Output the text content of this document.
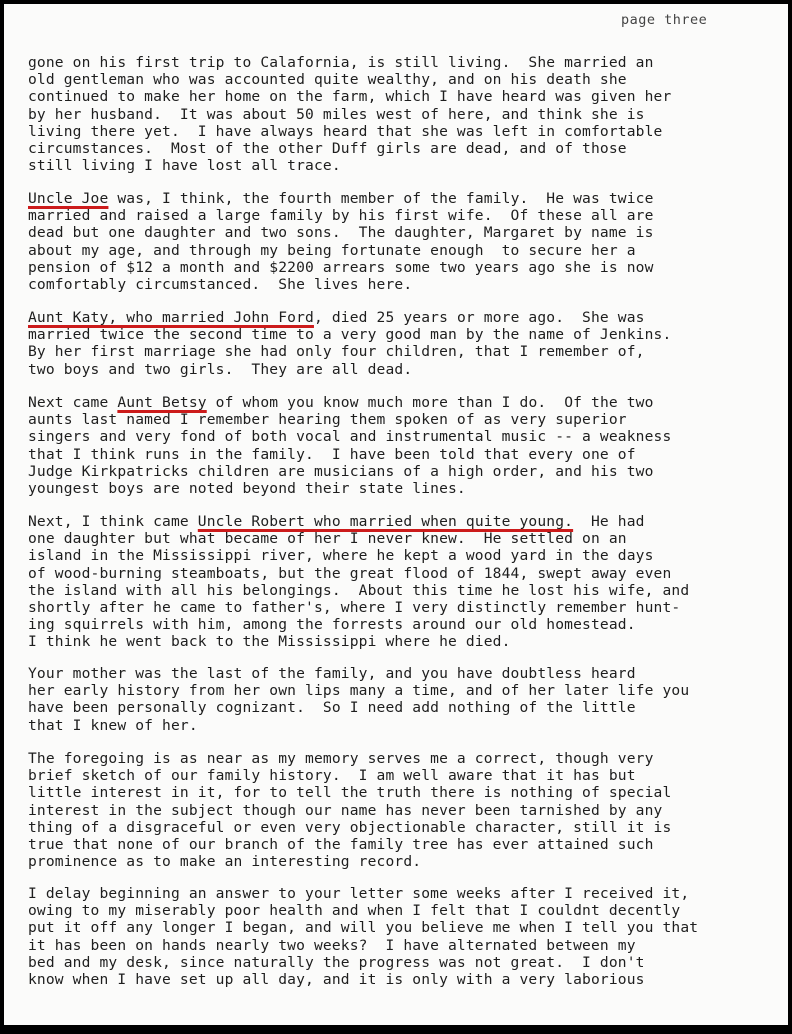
page three
gone on his first trip to Calafornia, is still living.  She married an
old gentleman who was accounted quite wealthy, and on his death she
continued to make her home on the farm, which I have heard was given her
by her husband.  It was about 50 miles west of here, and think she is
living there yet.  I have always heard that she was left in comfortable
circumstances.  Most of the other Duff girls are dead, and of those
still living I have lost all trace.
Uncle Joe was, I think, the fourth member of the family.  He was twice
married and raised a large family by his first wife.  Of these all are
dead but one daughter and two sons.  The daughter, Margaret by name is
about my age, and through my being fortunate enough  to secure her a
pension of $12 a month and $2200 arrears some two years ago she is now
comfortably circumstanced.  She lives here.
Aunt Katy, who married John Ford, died 25 years or more ago.  She was
married twice the second time to a very good man by the name of Jenkins.
By her first marriage she had only four children, that I remember of,
two boys and two girls.  They are all dead.
Next came Aunt Betsy of whom you know much more than I do.  Of the two
aunts last named I remember hearing them spoken of as very superior
singers and very fond of both vocal and instrumental music -- a weakness
that I think runs in the family.  I have been told that every one of
Judge Kirkpatricks children are musicians of a high order, and his two
youngest boys are noted beyond their state lines.
Next, I think came Uncle Robert who married when quite young.  He had
one daughter but what became of her I never knew.  He settled on an
island in the Mississippi river, where he kept a wood yard in the days
of wood-burning steamboats, but the great flood of 1844, swept away even
the island with all his belongings.  About this time he lost his wife, and
shortly after he came to father's, where I very distinctly remember hunt-
ing squirrels with him, among the forrests around our old homestead.
I think he went back to the Mississippi where he died.
Your mother was the last of the family, and you have doubtless heard
her early history from her own lips many a time, and of her later life you
have been personally cognizant.  So I need add nothing of the little
that I knew of her.
The foregoing is as near as my memory serves me a correct, though very
brief sketch of our family history.  I am well aware that it has but
little interest in it, for to tell the truth there is nothing of special
interest in the subject though our name has never been tarnished by any
thing of a disgraceful or even very objectionable character, still it is
true that none of our branch of the family tree has ever attained such
prominence as to make an interesting record.
I delay beginning an answer to your letter some weeks after I received it,
owing to my miserably poor health and when I felt that I couldnt decently
put it off any longer I began, and will you believe me when I tell you that
it has been on hands nearly two weeks?  I have alternated between my
bed and my desk, since naturally the progress was not great.  I don't
know when I have set up all day, and it is only with a very laborious
